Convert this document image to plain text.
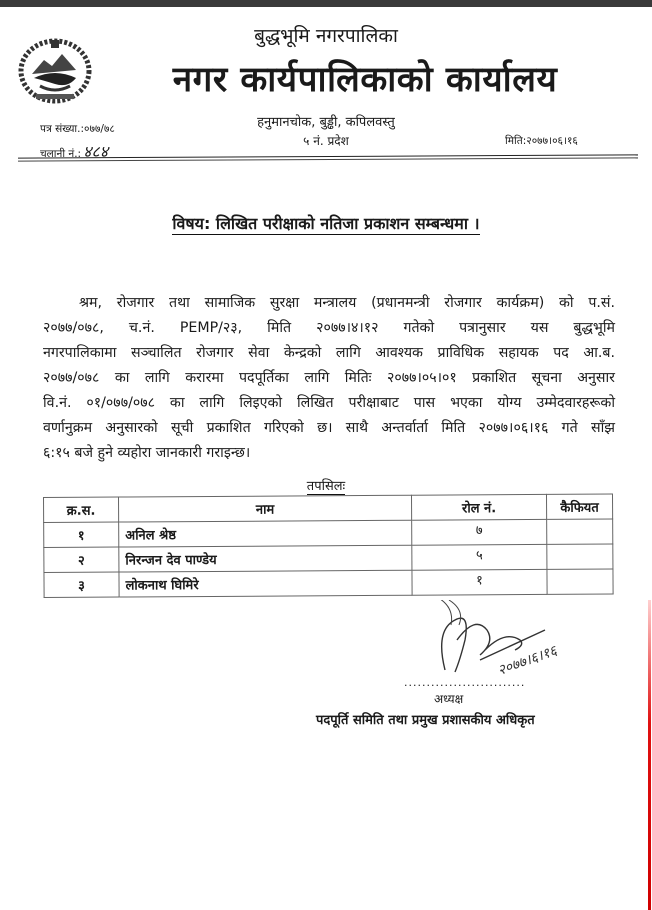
बुद्धभूमि नगरपालिका
नगर कार्यपालिकाको कार्यालय
हनुमानचोक, बुड्ढी, कपिलवस्तु
५ नं. प्रदेश
पत्र संख्या.:०७७/७८
चलानी नं.: ४८४
मिति:२०७७।०६।१६
विषय: लिखित परीक्षाको नतिजा प्रकाशन सम्बन्धमा ।
श्रम, रोजगार तथा सामाजिक सुरक्षा मन्त्रालय (प्रधानमन्त्री रोजगार कार्यक्रम) को प.सं.
२०७७/०७८, च.नं. PEMP/२३, मिति २०७७।४।१२ गतेको पत्रानुसार यस बुद्धभूमि
नगरपालिकामा सञ्चालित रोजगार सेवा केन्द्रको लागि आवश्यक प्राविधिक सहायक पद आ.ब.
२०७७/०७८ का लागि करारमा पदपूर्तिका लागि मितिः २०७७।०५।०१ प्रकाशित सूचना अनुसार
वि.नं. ०१/०७७/०७८ का लागि लिइएको लिखित परीक्षाबाट पास भएका योग्य उम्मेदवारहरूको
वर्णानुक्रम अनुसारको सूची प्रकाशित गरिएको छ। साथै अन्तर्वार्ता मिति २०७७।०६।१६ गते साँझ
६:१५ बजे हुने व्यहोरा जानकारी गराइन्छ।
तपसिलः
क्र.स.	नाम	रोल नं.	कैफियत
१	अनिल श्रेष्ठ	७	
२	निरन्जन देव पाण्डेय	५	
३	लोकनाथ घिमिरे	१	
२०७७।६।१६
...........................
अध्यक्ष
पदपूर्ति समिति तथा प्रमुख प्रशासकीय अधिकृत
